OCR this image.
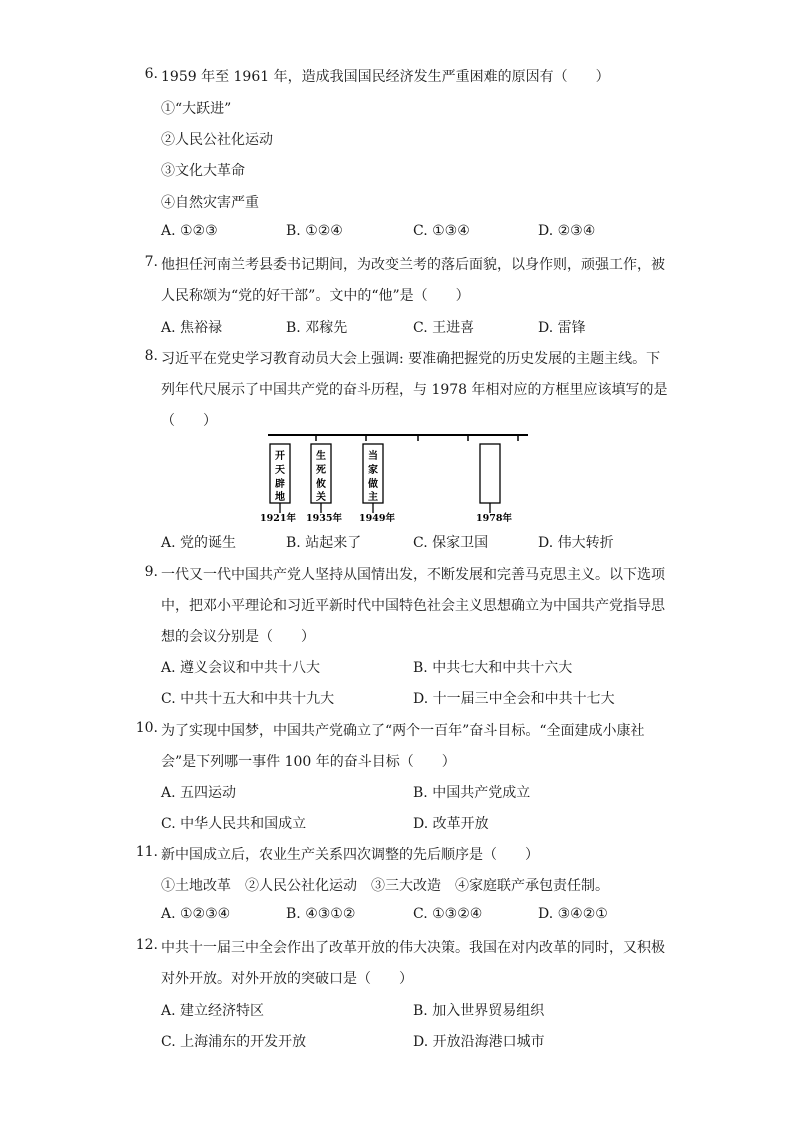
6. 1959 年至 1961 年，造成我国国民经济发生严重困难的原因有（　　）
①“大跃进”
②人民公社化运动
③文化大革命
④自然灾害严重
A. ①②③	B. ①②④	C. ①③④	D. ②③④
7. 他担任河南兰考县委书记期间，为改变兰考的落后面貌，以身作则，顽强工作，被
人民称颂为“党的好干部”。文中的“他”是（　　）
A. 焦裕禄	B. 邓稼先	C. 王进喜	D. 雷锋
8. 习近平在党史学习教育动员大会上强调: 要准确把握党的历史发展的主题主线。下
列年代尺展示了中国共产党的奋斗历程，与 1978 年相对应的方框里应该填写的是
（　　）
A. 党的诞生	B. 站起来了	C. 保家卫国	D. 伟大转折
开
天
辟
地
生
死
攸
关
当
家
做
主
1921年 1935年 1949年	1978年
9. 一代又一代中国共产党人坚持从国情出发，不断发展和完善马克思主义。以下选项
中，把邓小平理论和习近平新时代中国特色社会主义思想确立为中国共产党指导思
想的会议分别是（　　）
A. 遵义会议和中共十八大	B. 中共七大和中共十六大
C. 中共十五大和中共十九大	D. 十一届三中全会和中共十七大
10. 为了实现中国梦，中国共产党确立了“两个一百年”奋斗目标。“全面建成小康社
会”是下列哪一事件 100 年的奋斗目标（　　）
A. 五四运动	B. 中国共产党成立
C. 中华人民共和国成立	D. 改革开放
11. 新中国成立后，农业生产关系四次调整的先后顺序是（　　）
①土地改革　②人民公社化运动　③三大改造　④家庭联产承包责任制。
A. ①②③④	B. ④③①②	C. ①③②④	D. ③④②①
12. 中共十一届三中全会作出了改革开放的伟大决策。我国在对内改革的同时，又积极
对外开放。对外开放的突破口是（　　）
A. 建立经济特区	B. 加入世界贸易组织
C. 上海浦东的开发开放	D. 开放沿海港口城市
